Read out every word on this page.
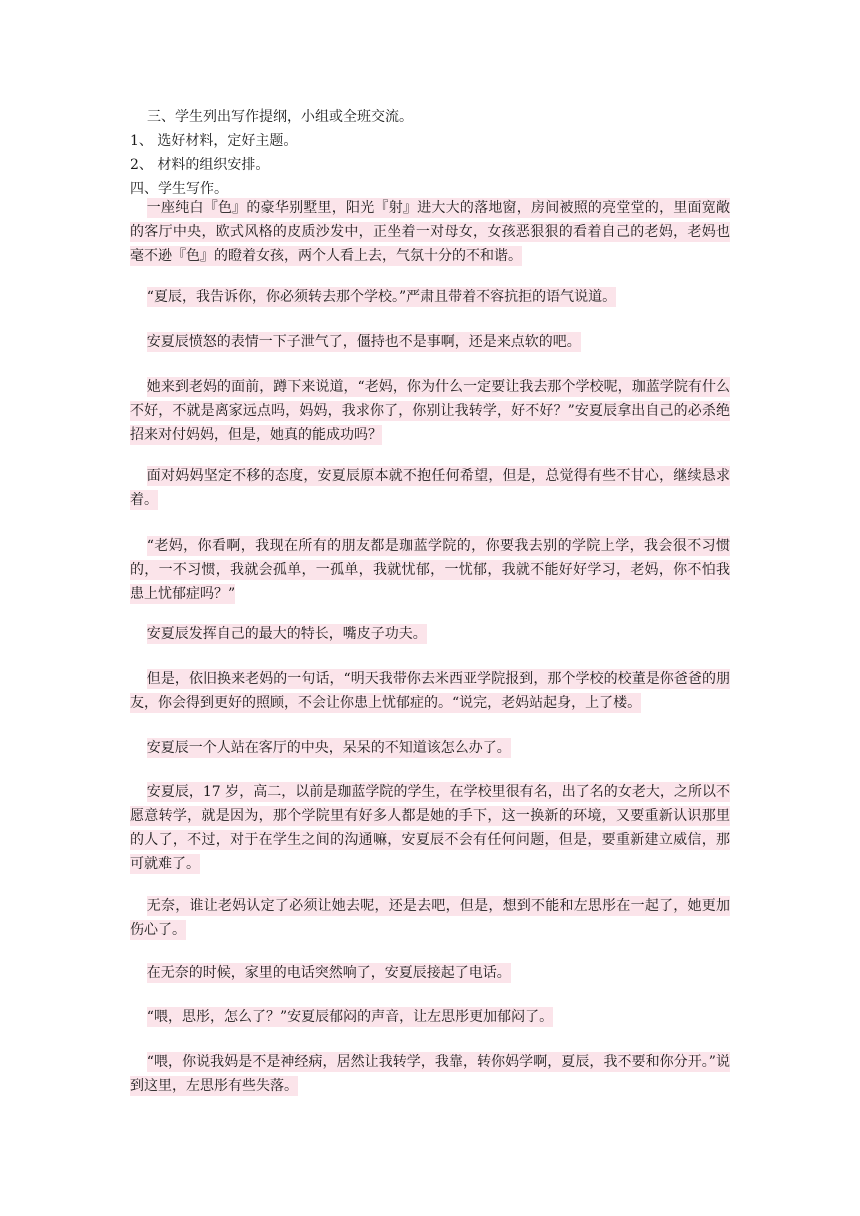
三、学生列出写作提纲，小组或全班交流。
1、 选好材料，定好主题。
2、 材料的组织安排。
四、学生写作。
一座纯白『色』的豪华别墅里，阳光『射』进大大的落地窗，房间被照的亮堂堂的，里面宽敞的客厅中央，欧式风格的皮质沙发中，正坐着一对母女，女孩恶狠狠的看着自己的老妈，老妈也毫不逊『色』的瞪着女孩，两个人看上去，气氛十分的不和谐。
“夏辰，我告诉你，你必须转去那个学校。”严肃且带着不容抗拒的语气说道。
安夏辰愤怒的表情一下子泄气了，僵持也不是事啊，还是来点软的吧。
她来到老妈的面前，蹲下来说道，“老妈，你为什么一定要让我去那个学校呢，珈蓝学院有什么不好，不就是离家远点吗，妈妈，我求你了，你别让我转学，好不好？”安夏辰拿出自己的必杀绝招来对付妈妈，但是，她真的能成功吗？
面对妈妈坚定不移的态度，安夏辰原本就不抱任何希望，但是，总觉得有些不甘心，继续恳求着。
“老妈，你看啊，我现在所有的朋友都是珈蓝学院的，你要我去别的学院上学，我会很不习惯的，一不习惯，我就会孤单，一孤单，我就忧郁，一忧郁，我就不能好好学习，老妈，你不怕我患上忧郁症吗？”
安夏辰发挥自己的最大的特长，嘴皮子功夫。
但是，依旧换来老妈的一句话，“明天我带你去米西亚学院报到，那个学校的校董是你爸爸的朋友，你会得到更好的照顾，不会让你患上忧郁症的。“说完，老妈站起身，上了楼。
安夏辰一个人站在客厅的中央，呆呆的不知道该怎么办了。
安夏辰，17 岁，高二，以前是珈蓝学院的学生，在学校里很有名，出了名的女老大，之所以不愿意转学，就是因为，那个学院里有好多人都是她的手下，这一换新的环境，又要重新认识那里的人了，不过，对于在学生之间的沟通嘛，安夏辰不会有任何问题，但是，要重新建立威信，那可就难了。
无奈，谁让老妈认定了必须让她去呢，还是去吧，但是，想到不能和左思彤在一起了，她更加伤心了。
在无奈的时候，家里的电话突然响了，安夏辰接起了电话。
“喂，思彤，怎么了？”安夏辰郁闷的声音，让左思彤更加郁闷了。
“喂，你说我妈是不是神经病，居然让我转学，我靠，转你妈学啊，夏辰，我不要和你分开。”说到这里，左思彤有些失落。
